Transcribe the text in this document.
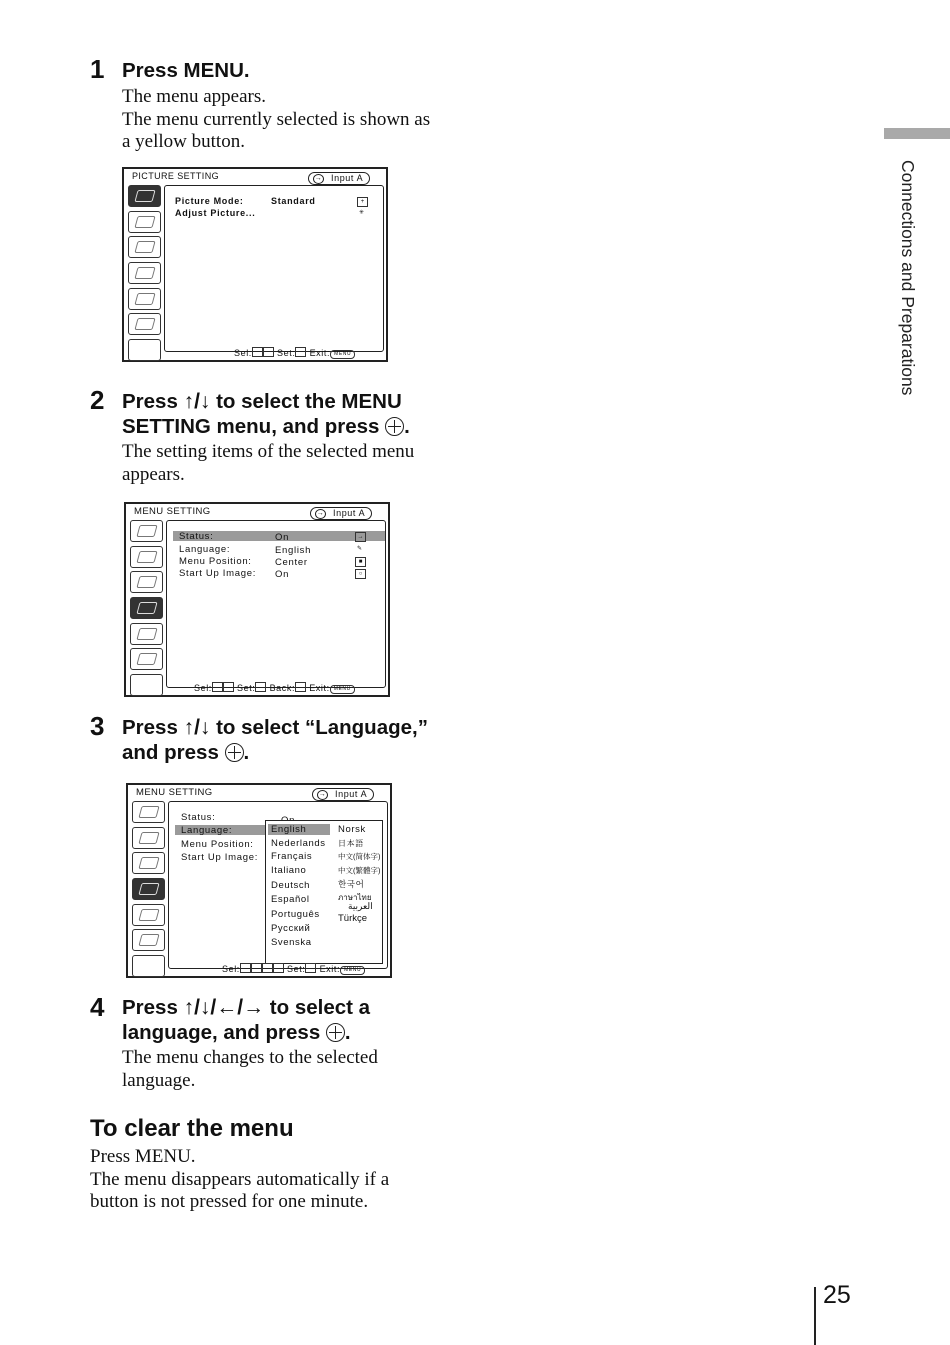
Connections and Preparations
1 Press MENU.
The menu appears.
The menu currently selected is shown as
a yellow button.
PICTURE SETTING	→ Input A
Picture Mode:	Standard
Adjust Picture...
+
✳
Sel:	Set: Exit: MENU
2 Press ↑/↓ to select the MENU
SETTING menu, and press .
The setting items of the selected menu
appears.
MENU SETTING	→ Input A
Status:	On
Language:	English
Menu Position: Center
Start Up Image: On
→
✎
■
○
Sel:	Set: Back: Exit: MENU
3 Press ↑/↓ to select “Language,”
and press .
MENU SETTING	→ Input A
Status:
Language:
Menu Position:
Start Up Image:
English
Nederlands
Français
Italiano
Deutsch
Español
Português
Русский
Svenska
Norsk
日本語
中文(简体字)
中文(繁體字)
한국어
ภาษาไทย
العربية
Türkçe
Sel:	Set: Exit: MENU
4 Press ↑/↓/←/→ to select a
language, and press .
The menu changes to the selected
language.
To clear the menu
Press MENU.
The menu disappears automatically if a
button is not pressed for one minute.
25
